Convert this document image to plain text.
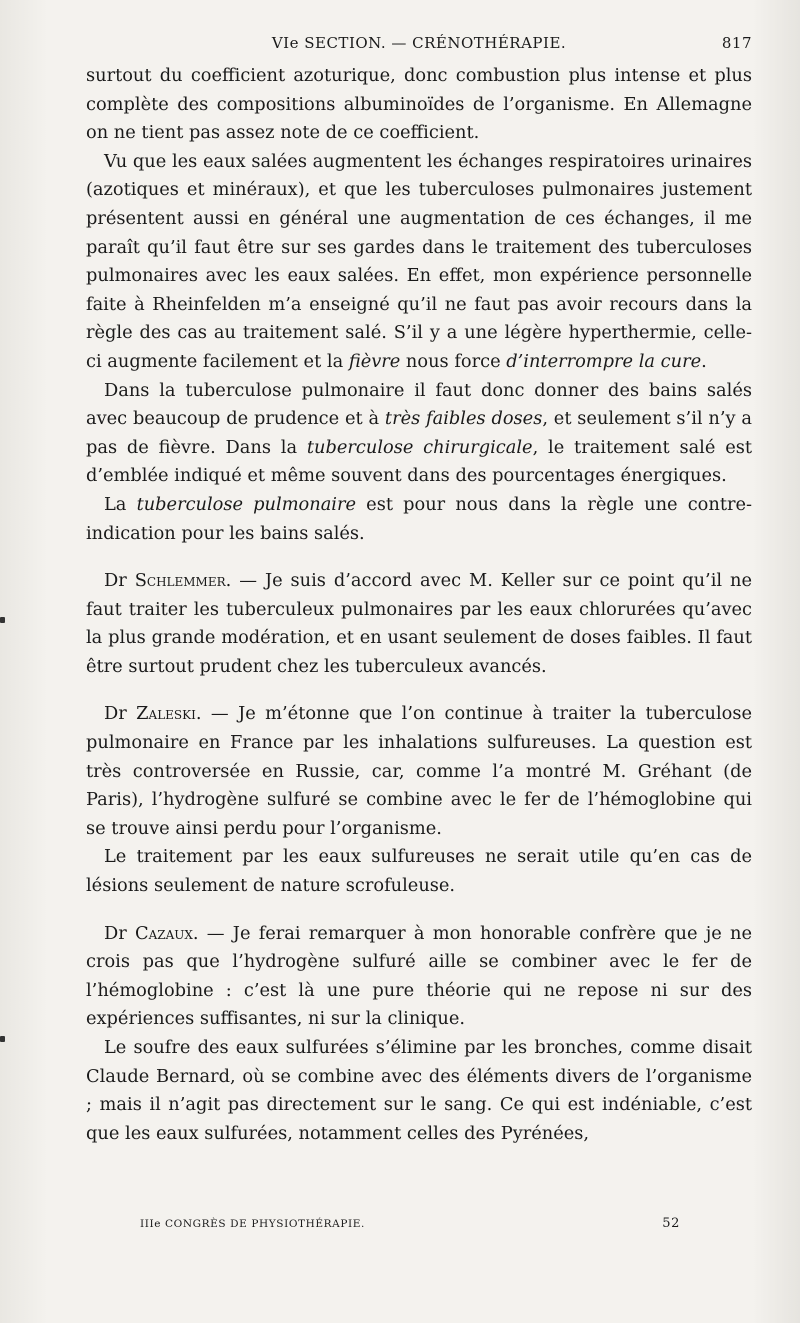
VIe SECTION. — CRÉNOTHÉRAPIE.	817

surtout du coefficient azoturique, donc combustion plus intense et plus complète des compositions albuminoïdes de l’organisme. En Allemagne on ne tient pas assez note de ce coefficient.

Vu que les eaux salées augmentent les échanges respiratoires urinaires (azotiques et minéraux), et que les tuberculoses pulmonaires justement présentent aussi en général une augmentation de ces échanges, il me paraît qu’il faut être sur ses gardes dans le traitement des tuberculoses pulmonaires avec les eaux salées. En effet, mon expérience personnelle faite à Rheinfelden m’a enseigné qu’il ne faut pas avoir recours dans la règle des cas au traitement salé. S’il y a une légère hyperthermie, celle-ci augmente facilement et la fièvre nous force d’interrompre la cure.

Dans la tuberculose pulmonaire il faut donc donner des bains salés avec beaucoup de prudence et à très faibles doses, et seulement s’il n’y a pas de fièvre. Dans la tuberculose chirurgicale, le traitement salé est d’emblée indiqué et même souvent dans des pourcentages énergiques.

La tuberculose pulmonaire est pour nous dans la règle une contre-indication pour les bains salés.

Dr Schlemmer. — Je suis d’accord avec M. Keller sur ce point qu’il ne faut traiter les tuberculeux pulmonaires par les eaux chlorurées qu’avec la plus grande modération, et en usant seulement de doses faibles. Il faut être surtout prudent chez les tuberculeux avancés.

Dr Zaleski. — Je m’étonne que l’on continue à traiter la tuberculose pulmonaire en France par les inhalations sulfureuses. La question est très controversée en Russie, car, comme l’a montré M. Gréhant (de Paris), l’hydrogène sulfuré se combine avec le fer de l’hémoglobine qui se trouve ainsi perdu pour l’organisme.

Le traitement par les eaux sulfureuses ne serait utile qu’en cas de lésions seulement de nature scrofuleuse.

Dr Cazaux. — Je ferai remarquer à mon honorable confrère que je ne crois pas que l’hydrogène sulfuré aille se combiner avec le fer de l’hémoglobine : c’est là une pure théorie qui ne repose ni sur des expériences suffisantes, ni sur la clinique.

Le soufre des eaux sulfurées s’élimine par les bronches, comme disait Claude Bernard, où se combine avec des éléments divers de l’organisme ; mais il n’agit pas directement sur le sang. Ce qui est indéniable, c’est que les eaux sulfurées, notamment celles des Pyrénées,

IIIe CONGRÈS DE PHYSIOTHÉRAPIE.	52
